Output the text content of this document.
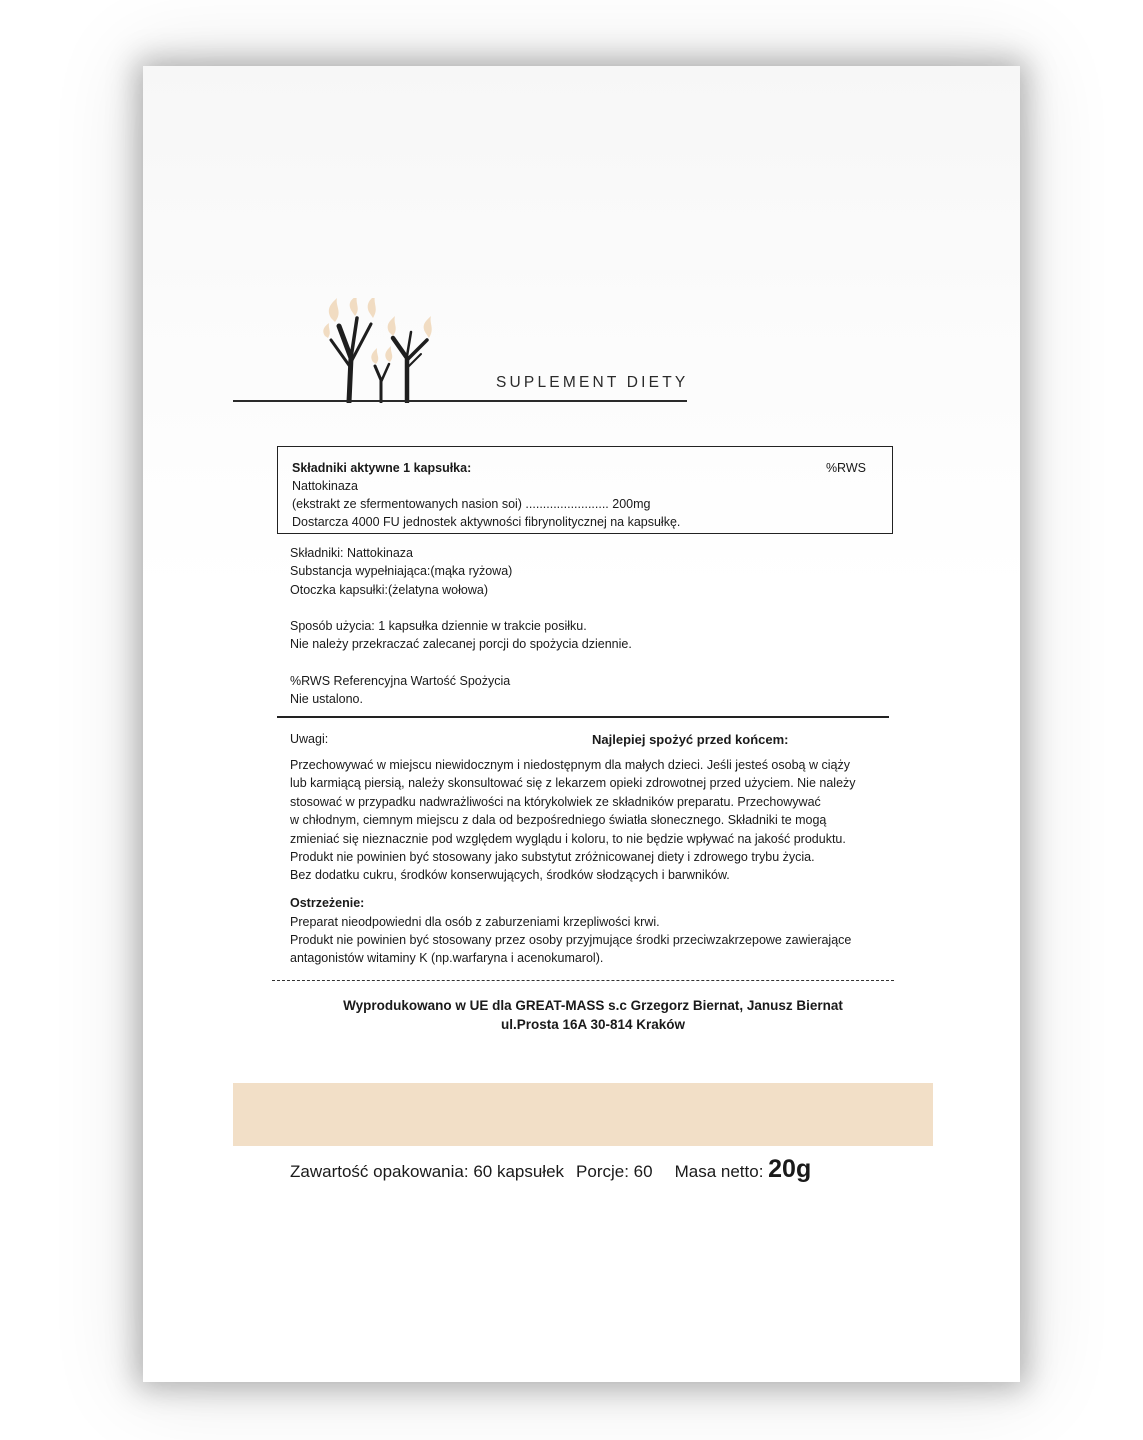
SUPLEMENT DIETY
Składniki aktywne 1 kapsułka:	%RWS
Nattokinaza
(ekstrakt ze sfermentowanych nasion soi) ........................ 200mg
Dostarcza 4000 FU jednostek aktywności fibrynolitycznej na kapsułkę.
Składniki: Nattokinaza
Substancja wypełniająca:(mąka ryżowa)
Otoczka kapsułki:(żelatyna wołowa)
Sposób użycia: 1 kapsułka dziennie w trakcie posiłku.
Nie należy przekraczać zalecanej porcji do spożycia dziennie.
%RWS Referencyjna Wartość Spożycia
Nie ustalono.
Uwagi:	Najlepiej spożyć przed końcem:
Przechowywać w miejscu niewidocznym i niedostępnym dla małych dzieci. Jeśli jesteś osobą w ciąży
lub karmiącą piersią, należy skonsultować się z lekarzem opieki zdrowotnej przed użyciem. Nie należy
stosować w przypadku nadwrażliwości na którykolwiek ze składników preparatu. Przechowywać
w chłodnym, ciemnym miejscu z dala od bezpośredniego światła słonecznego. Składniki te mogą
zmieniać się nieznacznie pod względem wyglądu i koloru, to nie będzie wpływać na jakość produktu.
Produkt nie powinien być stosowany jako substytut zróżnicowanej diety i zdrowego trybu życia.
Bez dodatku cukru, środków konserwujących, środków słodzących i barwników.
Ostrzeżenie:
Preparat nieodpowiedni dla osób z zaburzeniami krzepliwości krwi.
Produkt nie powinien być stosowany przez osoby przyjmujące środki przeciwzakrzepowe zawierające
antagonistów witaminy K (np.warfaryna i acenokumarol).
Wyprodukowano w UE dla GREAT-MASS s.c Grzegorz Biernat, Janusz Biernat
ul.Prosta 16A 30-814 Kraków
Zawartość opakowania: 60 kapsułek Porcje: 60 Masa netto: 20g
